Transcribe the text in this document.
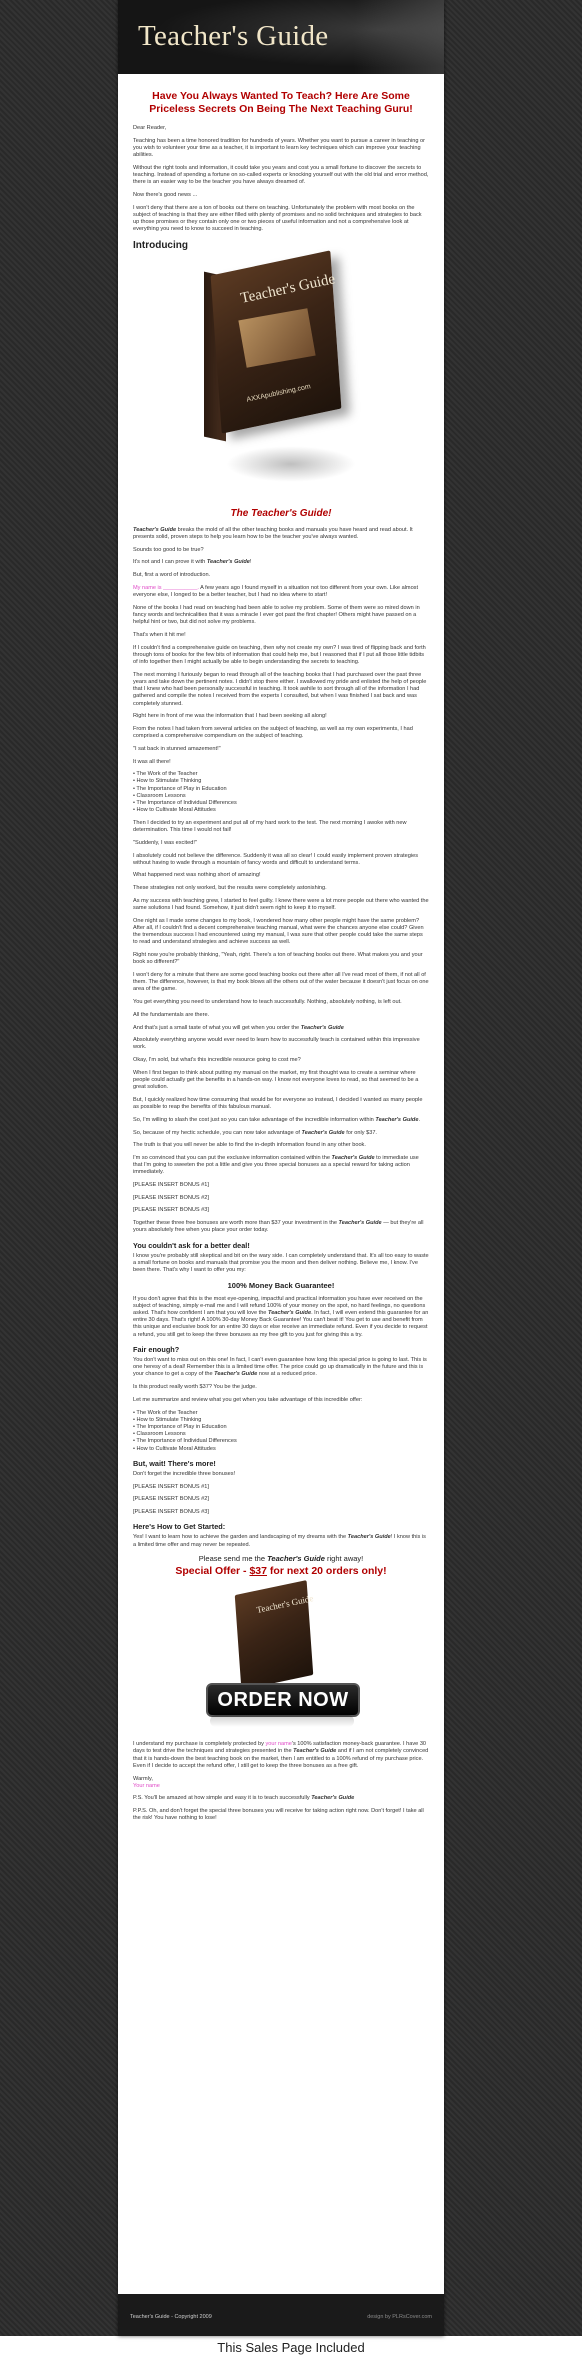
Teacher's Guide
Have You Always Wanted To Teach? Here Are Some Priceless Secrets On Being The Next Teaching Guru!

Dear Reader,

Teaching has been a time honored tradition for hundreds of years. Whether you want to pursue a career in teaching or you wish to volunteer your time as a teacher, it is important to learn key techniques which can improve your teaching abilities.

Without the right tools and information, it could take you years and cost you a small fortune to discover the secrets to teaching. Instead of spending a fortune on so-called experts or knocking yourself out with the old trial and error method, there is an easier way to be the teacher you have always dreamed of.

Now there's good news ...

I won't deny that there are a ton of books out there on teaching. Unfortunately the problem with most books on the subject of teaching is that they are either filled with plenty of promises and no solid techniques and strategies to back up those promises or they contain only one or two pieces of useful information and not a comprehensive look at everything you need to know to succeed in teaching.

Introducing
Teacher's Guide
AXXApublishing.com
The Teacher's Guide!

Teacher's Guide breaks the mold of all the other teaching books and manuals you have heard and read about. It presents solid, proven steps to help you learn how to be the teacher you've always wanted.

Sounds too good to be true?

It's not and I can prove it with Teacher's Guide!

But, first a word of introduction.

My name is ___________. A few years ago I found myself in a situation not too different from your own. Like almost everyone else, I longed to be a better teacher, but I had no idea where to start!

None of the books I had read on teaching had been able to solve my problem. Some of them were so mired down in fancy words and technicalities that it was a miracle I ever got past the first chapter! Others might have passed on a helpful hint or two, but did not solve my problems.

That's when it hit me!

If I couldn't find a comprehensive guide on teaching, then why not create my own? I was tired of flipping back and forth through tons of books for the few bits of information that could help me, but I reasoned that if I put all those little tidbits of info together then I might actually be able to begin understanding the secrets to teaching.

The next morning I furiously began to read through all of the teaching books that I had purchased over the past three years and take down the pertinent notes. I didn't stop there either. I swallowed my pride and enlisted the help of people that I knew who had been personally successful in teaching. It took awhile to sort through all of the information I had gathered and compile the notes I received from the experts I consulted, but when I was finished I sat back and was completely stunned.

Right here in front of me was the information that I had been seeking all along!

From the notes I had taken from several articles on the subject of teaching, as well as my own experiments, I had comprised a comprehensive compendium on the subject of teaching.

"I sat back in stunned amazement!"

It was all there!

• The Work of the Teacher
• How to Stimulate Thinking
• The Importance of Play in Education
• Classroom Lessons
• The Importance of Individual Differences
• How to Cultivate Moral Attitudes

Then I decided to try an experiment and put all of my hard work to the test. The next morning I awoke with new determination. This time I would not fail!

"Suddenly, I was excited!"

I absolutely could not believe the difference. Suddenly it was all so clear! I could easily implement proven strategies without having to wade through a mountain of fancy words and difficult to understand terms.

What happened next was nothing short of amazing!

These strategies not only worked, but the results were completely astonishing.

As my success with teaching grew, I started to feel guilty. I knew there were a lot more people out there who wanted the same solutions I had found. Somehow, it just didn't seem right to keep it to myself.

One night as I made some changes to my book, I wondered how many other people might have the same problem? After all, if I couldn't find a decent comprehensive teaching manual, what were the chances anyone else could? Given the tremendous success I had encountered using my manual, I was sure that other people could take the same steps to read and understand strategies and achieve success as well.

Right now you're probably thinking, "Yeah, right. There's a ton of teaching books out there. What makes you and your book so different?"

I won't deny for a minute that there are some good teaching books out there after all I've read most of them, if not all of them. The difference, however, is that my book blows all the others out of the water because it doesn't just focus on one area of the game.

You get everything you need to understand how to teach successfully. Nothing, absolutely nothing, is left out.

All the fundamentals are there.

And that's just a small taste of what you will get when you order the Teacher's Guide

Absolutely everything anyone would ever need to learn how to successfully teach is contained within this impressive work.

Okay, I'm sold, but what's this incredible resource going to cost me?

When I first began to think about putting my manual on the market, my first thought was to create a seminar where people could actually get the benefits in a hands-on way. I know not everyone loves to read, so that seemed to be a great solution.

But, I quickly realized how time consuming that would be for everyone so instead, I decided I wanted as many people as possible to reap the benefits of this fabulous manual.

So, I'm willing to slash the cost just so you can take advantage of the incredible information within Teacher's Guide.

So, because of my hectic schedule, you can now take advantage of Teacher's Guide for only $37.

The truth is that you will never be able to find the in-depth information found in any other book.

I'm so convinced that you can put the exclusive information contained within the Teacher's Guide to immediate use that I'm going to sweeten the pot a little and give you three special bonuses as a special reward for taking action immediately.

[PLEASE INSERT BONUS #1]

[PLEASE INSERT BONUS #2]

[PLEASE INSERT BONUS #3]

Together these three free bonuses are worth more than $37 your investment in the Teacher's Guide — but they're all yours absolutely free when you place your order today.

You couldn't ask for a better deal!

I know you're probably still skeptical and bit on the wary side. I can completely understand that. It's all too easy to waste a small fortune on books and manuals that promise you the moon and then deliver nothing. Believe me, I know. I've been there. That's why I want to offer you my:

100% Money Back Guarantee!

If you don't agree that this is the most eye-opening, impactful and practical information you have ever received on the subject of teaching, simply e-mail me and I will refund 100% of your money on the spot, no hard feelings, no questions asked. That's how confident I am that you will love the Teacher's Guide. In fact, I will even extend this guarantee for an entire 30 days. That's right! A 100% 30-day Money Back Guarantee! You can't beat it! You get to use and benefit from this unique and exclusive book for an entire 30 days or else receive an immediate refund. Even if you decide to request a refund, you still get to keep the three bonuses as my free gift to you just for giving this a try.

Fair enough?

You don't want to miss out on this one! In fact, I can't even guarantee how long this special price is going to last. This is one heresy of a deal! Remember this is a limited time offer. The price could go up dramatically in the future and this is your chance to get a copy of the Teacher's Guide now at a reduced price.

Is this product really worth $37? You be the judge.

Let me summarize and review what you get when you take advantage of this incredible offer:

• The Work of the Teacher
• How to Stimulate Thinking
• The Importance of Play in Education
• Classroom Lessons
• The Importance of Individual Differences
• How to Cultivate Moral Attitudes
But, wait! There's more!

Don't forget the incredible three bonuses!

[PLEASE INSERT BONUS #1]

[PLEASE INSERT BONUS #2]

[PLEASE INSERT BONUS #3]

Here's How to Get Started:

Yes! I want to learn how to achieve the garden and landscaping of my dreams with the Teacher's Guide! I know this is a limited time offer and may never be repeated.

Please send me the Teacher's Guide right away!
Special Offer - $37 for next 20 orders only!
Teacher's Guide
ORDER NOW

I understand my purchase is completely protected by your name's 100% satisfaction money-back guarantee. I have 30 days to test drive the techniques and strategies presented in the Teacher's Guide and if I am not completely convinced that it is hands-down the best teaching book on the market, then I am entitled to a 100% refund of my purchase price. Even if I decide to accept the refund offer, I still get to keep the three bonuses as a free gift.

Warmly,

Your name

P.S. You'll be amazed at how simple and easy it is to teach successfully Teacher's Guide

P.P.S. Oh, and don't forget the special three bonuses you will receive for taking action right now. Don't forget! I take all the risk! You have nothing to lose!

Teacher's Guide - Copyright 2009	design by PLRsCover.com
This Sales Page Included
